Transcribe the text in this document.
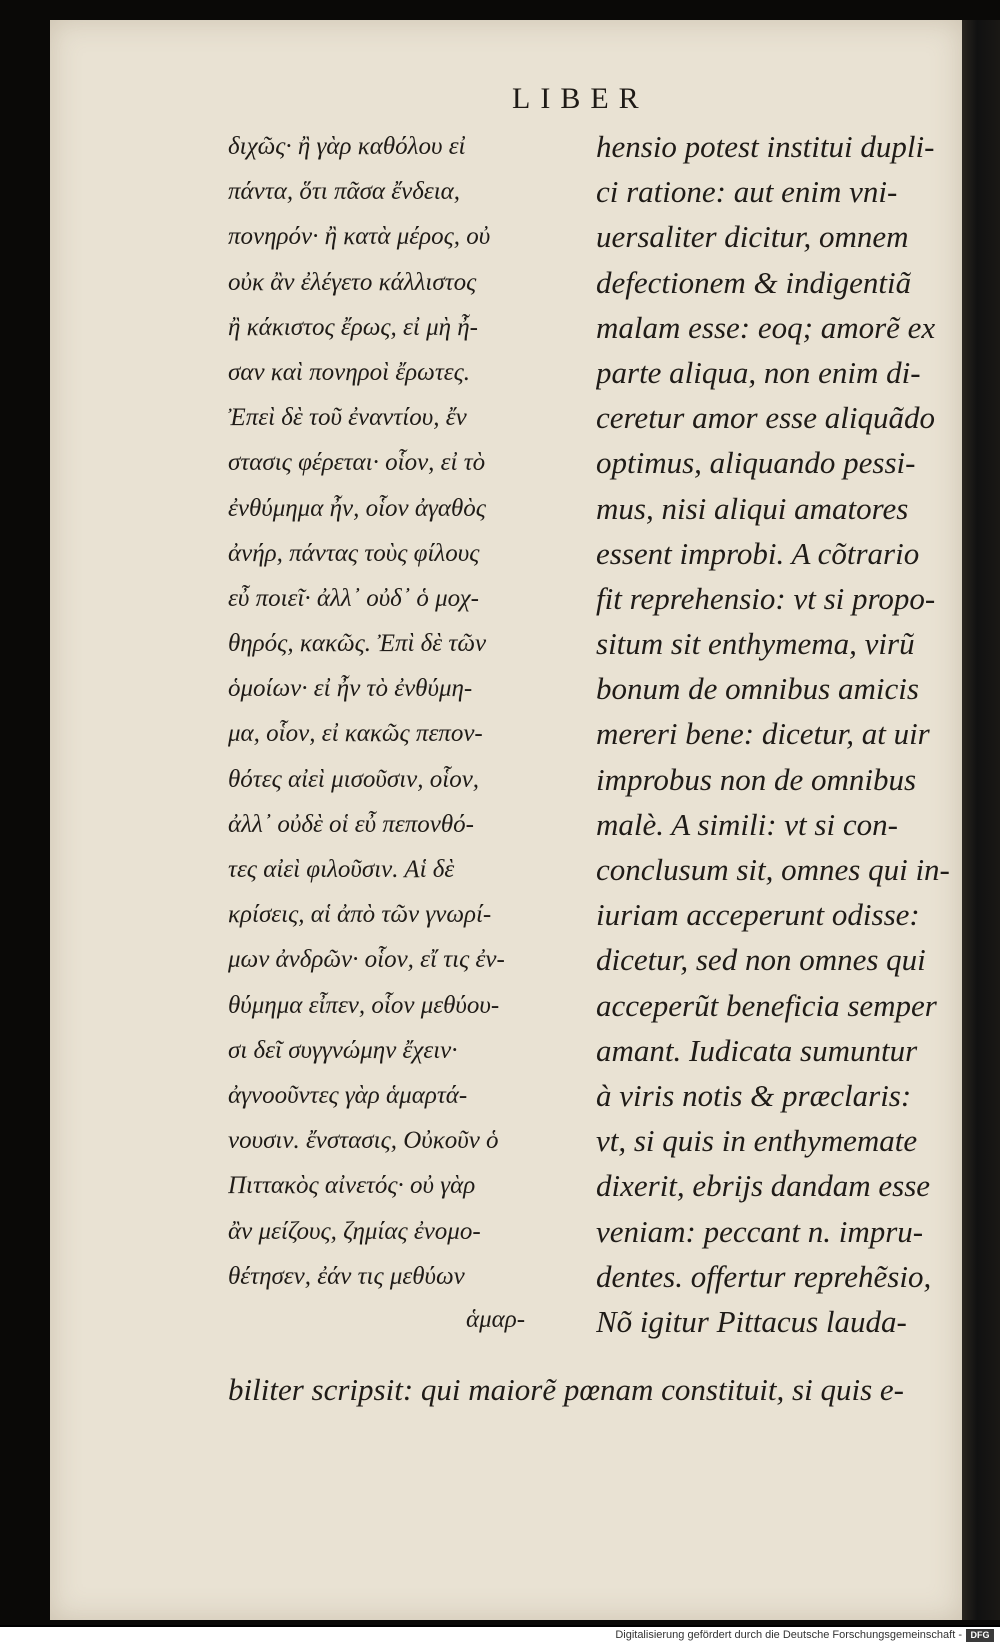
LIBER
διχῶς· ἢ γὰρ καθόλου εἰ
πάντα, ὅτι πᾶσα ἔνδεια,
πονηρόν· ἢ κατὰ μέρος, οὐ
οὐκ ἂν ἐλέγετο κάλλιστος
ἢ κάκιστος ἔρως, εἰ μὴ ἦ-
σαν καὶ πονηροὶ ἔρωτες.
Ἐπεὶ δὲ τοῦ ἐναντίου, ἔν
στασις φέρεται· οἷον, εἰ τὸ
ἐνθύμημα ἦν, οἷον ἀγαθὸς
ἀνήρ, πάντας τοὺς φίλους
εὖ ποιεῖ· ἀλλ᾽ οὐδ᾽ ὁ μοχ-
θηρός, κακῶς. Ἐπὶ δὲ τῶν
ὁμοίων· εἰ ἦν τὸ ἐνθύμη-
μα, οἷον, εἰ κακῶς πεπον-
θότες αἰεὶ μισοῦσιν, οἷον,
ἀλλ᾽ οὐδὲ οἱ εὖ πεπονθό-
τες αἰεὶ φιλοῦσιν. Αἱ δὲ
κρίσεις, αἱ ἀπὸ τῶν γνωρί-
μων ἀνδρῶν· οἷον, εἴ τις ἐν-
θύμημα εἶπεν, οἷον μεθύου-
σι δεῖ συγγνώμην ἔχειν·
ἀγνοοῦντες γὰρ ἁμαρτά-
νουσιν. ἔνστασις, Οὐκοῦν ὁ
Πιττακὸς αἰνετός· οὐ γὰρ
ἂν μείζους, ζημίας ἐνομο-
θέτησεν, ἐάν τις μεθύων
hensio potest institui dupli-
ci ratione: aut enim vni-
uersaliter dicitur, omnem
defectionem & indigentiã
malam esse: eoq; amorẽ ex
parte aliqua, non enim di-
ceretur amor esse aliquãdo
optimus, aliquando pessi-
mus, nisi aliqui amatores
essent improbi. A cõtrario
fit reprehensio: vt si propo-
situm sit enthymema, virũ
bonum de omnibus amicis
mereri bene: dicetur, at uir
improbus non de omnibus
malè. A simili: vt si con-
conclusum sit, omnes qui in-
iuriam acceperunt odisse:
dicetur, sed non omnes qui
acceperũt beneficia semper
amant. Iudicata sumuntur
à viris notis & præclaris:
vt, si quis in enthymemate
dixerit, ebrijs dandam esse
veniam: peccant n. impru-
dentes. offertur reprehẽsio,
Nõ igitur Pittacus lauda-
ἁμαρ-
biliter scripsit: qui maiorẽ pœnam constituit, si quis e-
Digitalisierung gefördert durch die Deutsche Forschungsgemeinschaft - DFG
